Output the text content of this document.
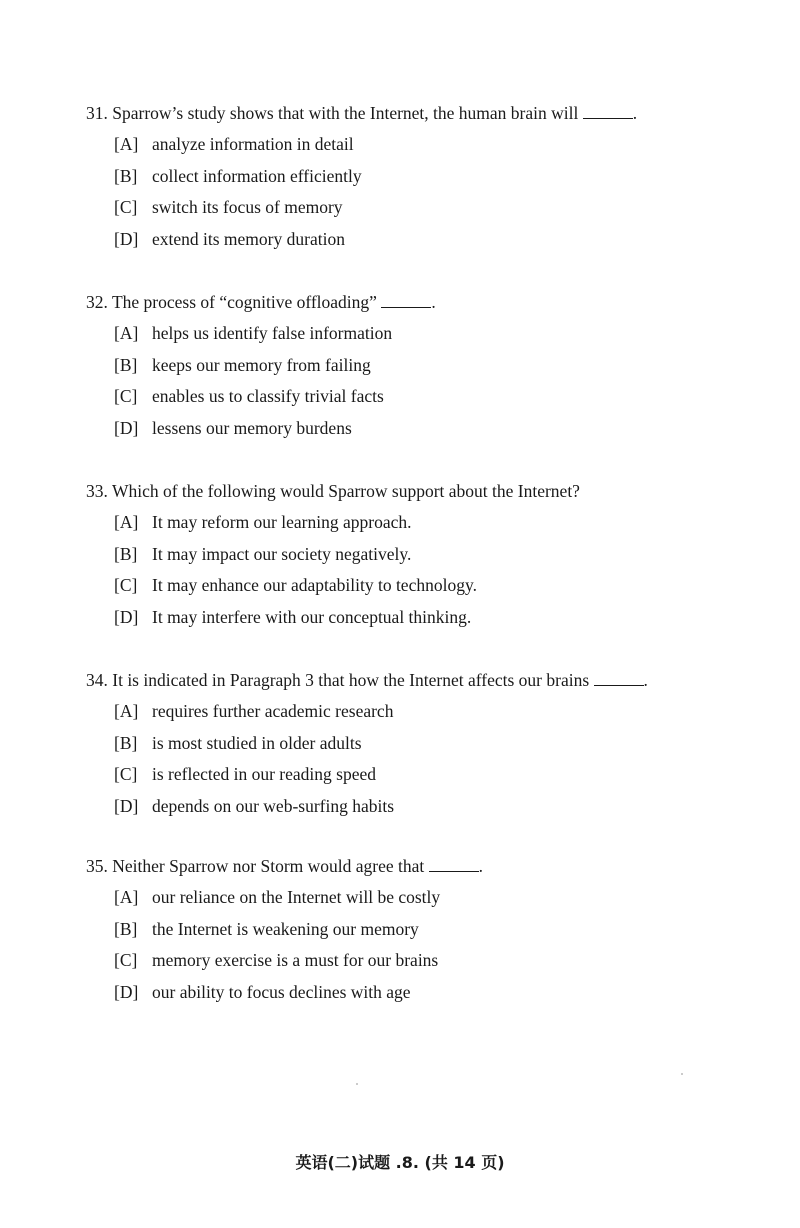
31. Sparrow’s study shows that with the Internet, the human brain will	.
[A] analyze information in detail
[B] collect information efficiently
[C] switch its focus of memory
[D] extend its memory duration
32. The process of “cognitive offloading”	.
[A] helps us identify false information
[B] keeps our memory from failing
[C] enables us to classify trivial facts
[D] lessens our memory burdens
33. Which of the following would Sparrow support about the Internet?
[A] It may reform our learning approach.
[B] It may impact our society negatively.
[C] It may enhance our adaptability to technology.
[D] It may interfere with our conceptual thinking.
34. It is indicated in Paragraph 3 that how the Internet affects our brains	.
[A] requires further academic research
[B] is most studied in older adults
[C] is reflected in our reading speed
[D] depends on our web-surfing habits
35. Neither Sparrow nor Storm would agree that	.
[A] our reliance on the Internet will be costly
[B] the Internet is weakening our memory
[C] memory exercise is a must for our brains
[D] our ability to focus declines with age
英语(二)试题 .8. (共 14 页)
